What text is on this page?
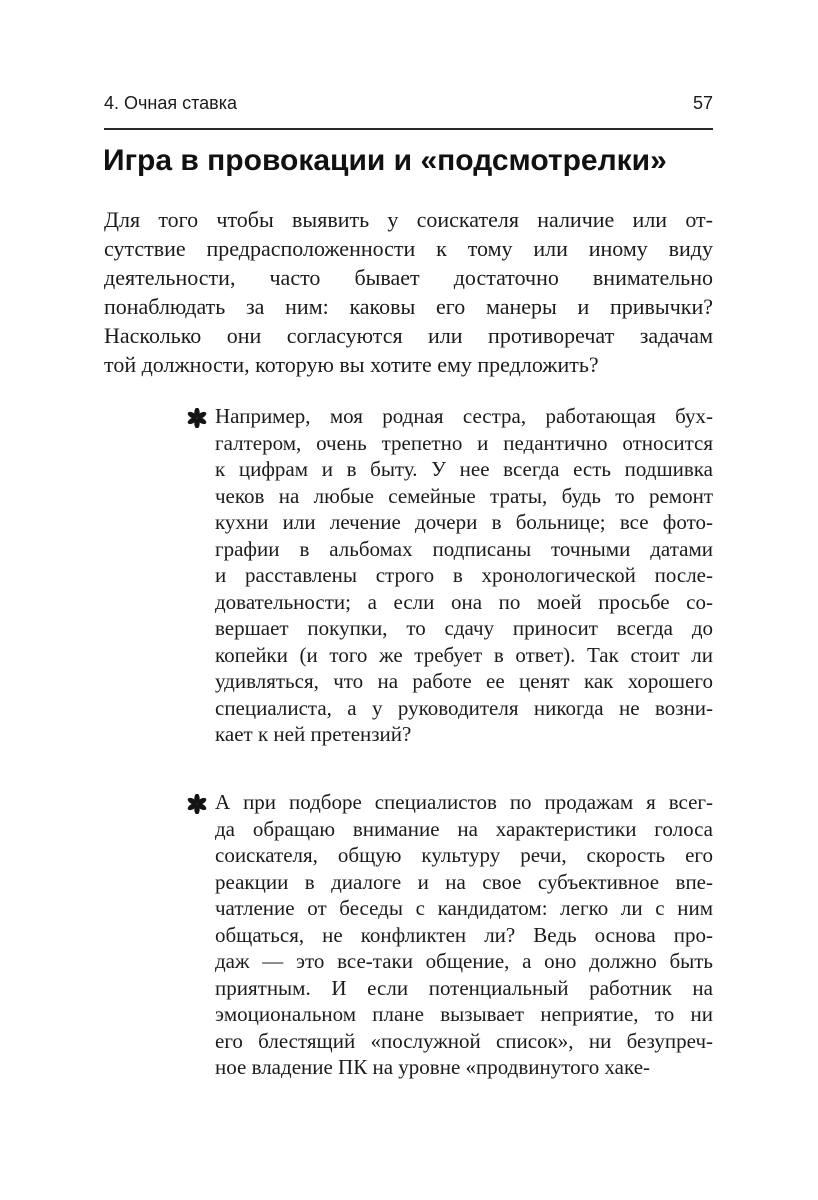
4. Очная ставка	57
Игра в провокации и «подсмотрелки»
Для того чтобы выявить у соискателя наличие или от-
сутствие предрасположенности к тому или иному виду
деятельности, часто бывает достаточно внимательно
понаблюдать за ним: каковы его манеры и привычки?
Насколько они согласуются или противоречат задачам
той должности, которую вы хотите ему предложить?
Например, моя родная сестра, работающая бух-
галтером, очень трепетно и педантично относится
к цифрам и в быту. У нее всегда есть подшивка
чеков на любые семейные траты, будь то ремонт
кухни или лечение дочери в больнице; все фото-
графии в альбомах подписаны точными датами
и расставлены строго в хронологической после-
довательности; а если она по моей просьбе со-
вершает покупки, то сдачу приносит всегда до
копейки (и того же требует в ответ). Так стоит ли
удивляться, что на работе ее ценят как хорошего
специалиста, а у руководителя никогда не возни-
кает к ней претензий?
А при подборе специалистов по продажам я всег-
да обращаю внимание на характеристики голоса
соискателя, общую культуру речи, скорость его
реакции в диалоге и на свое субъективное впе-
чатление от беседы с кандидатом: легко ли с ним
общаться, не конфликтен ли? Ведь основа про-
даж — это все-таки общение, а оно должно быть
приятным. И если потенциальный работник на
эмоциональном плане вызывает неприятие, то ни
его блестящий «послужной список», ни безупреч-
ное владение ПК на уровне «продвинутого хаке-
